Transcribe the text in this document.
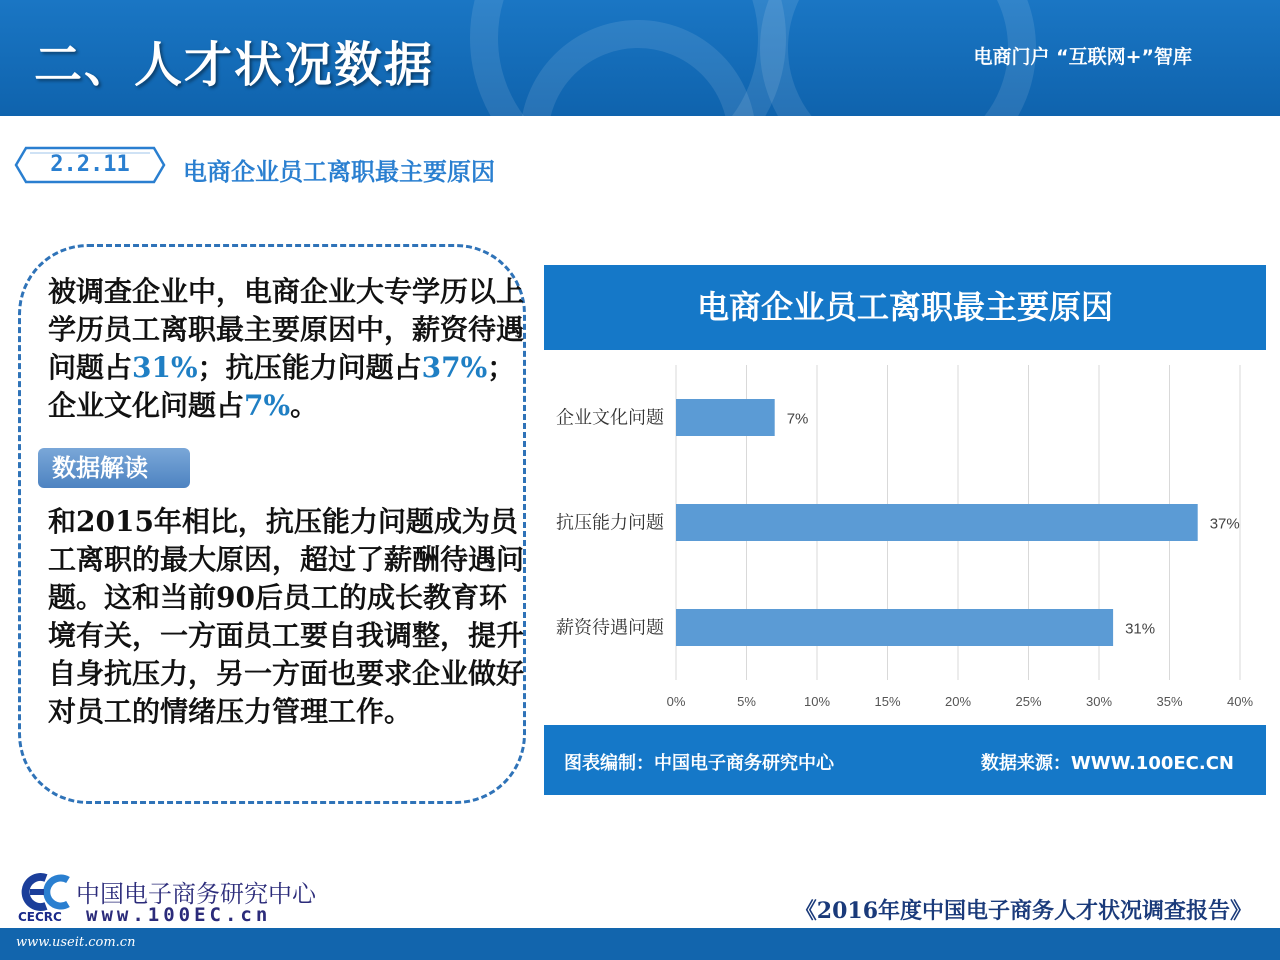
二、人才状况数据	电商门户 “互联网+”智库
2.2.11	电商企业员工离职最主要原因
被调查企业中，电商企业大专学历以上学历员工离职最主要原因中，薪资待遇问题占31%；抗压能力问题占37%；企业文化问题占7%。
数据解读
和2015年相比，抗压能力问题成为员工离职的最大原因，超过了薪酬待遇问题。这和当前90后员工的成长教育环境有关，一方面员工要自我调整，提升自身抗压力，另一方面也要求企业做好对员工的情绪压力管理工作。
电商企业员工离职最主要原因
0%	5%	10%	15%	20%	25%	30%	35%	40%
企业文化问题	7%
抗压能力问题	37%
薪资待遇问题	31%
图表编制：中国电子商务研究中心	数据来源：WWW.100EC.CN
CECRC
中国电子商务研究中心
www.100EC.cn	《2016年度中国电子商务人才状况调查报告》
www.useit.com.cn
